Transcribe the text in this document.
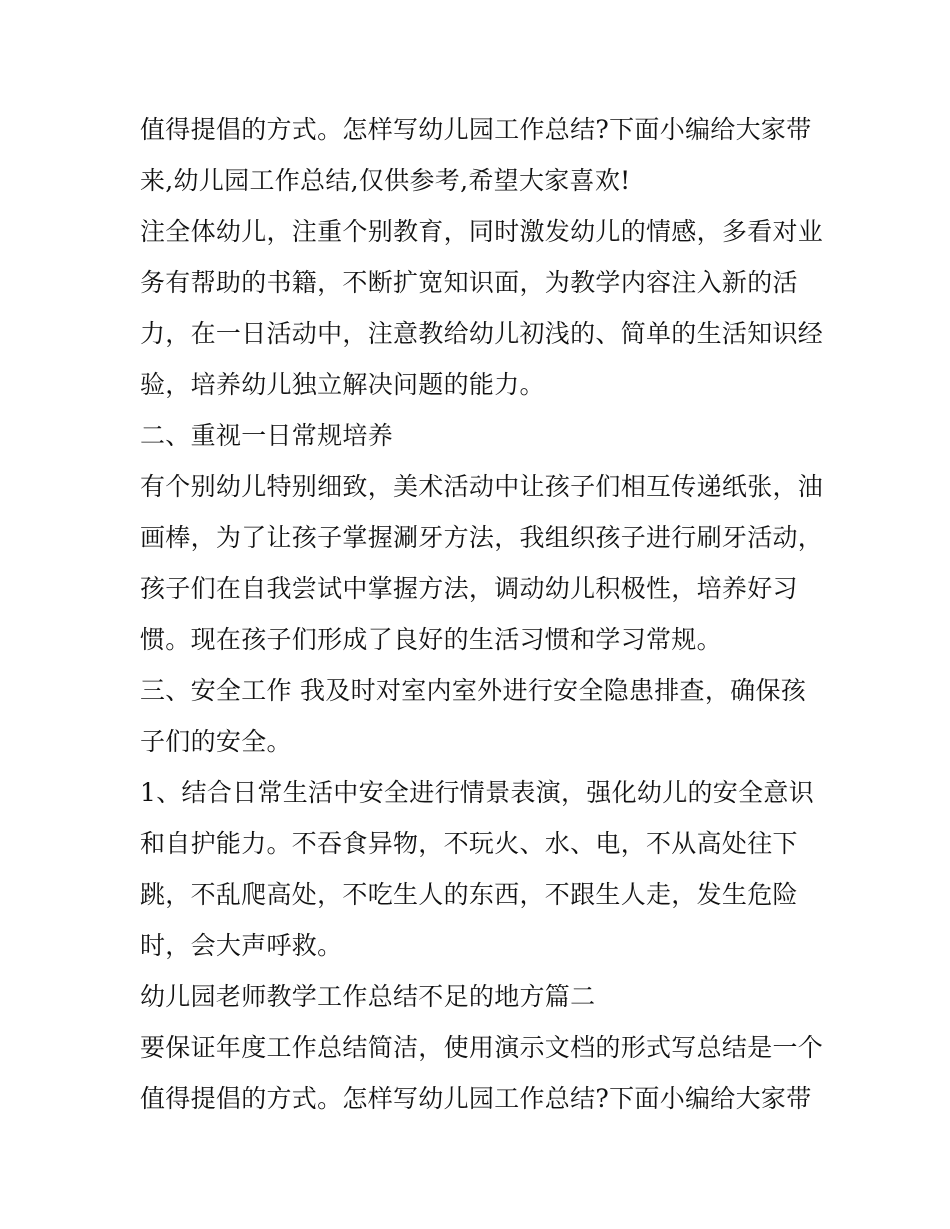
值得提倡的方式。怎样写幼儿园工作总结?下面小编给大家带
来,幼儿园工作总结,仅供参考,希望大家喜欢!
注全体幼儿，注重个别教育，同时激发幼儿的情感，多看对业
务有帮助的书籍，不断扩宽知识面，为教学内容注入新的活
力，在一日活动中，注意教给幼儿初浅的、简单的生活知识经
验，培养幼儿独立解决问题的能力。
二、重视一日常规培养
有个别幼儿特别细致，美术活动中让孩子们相互传递纸张，油
画棒，为了让孩子掌握涮牙方法，我组织孩子进行刷牙活动，
孩子们在自我尝试中掌握方法，调动幼儿积极性，培养好习
惯。现在孩子们形成了良好的生活习惯和学习常规。
三、安全工作 我及时对室内室外进行安全隐患排查，确保孩
子们的安全。
1、结合日常生活中安全进行情景表演，强化幼儿的安全意识
和自护能力。不吞食异物，不玩火、水、电，不从高处往下
跳，不乱爬高处，不吃生人的东西，不跟生人走，发生危险
时，会大声呼救。
幼儿园老师教学工作总结不足的地方篇二
要保证年度工作总结简洁，使用演示文档的形式写总结是一个
值得提倡的方式。怎样写幼儿园工作总结?下面小编给大家带
